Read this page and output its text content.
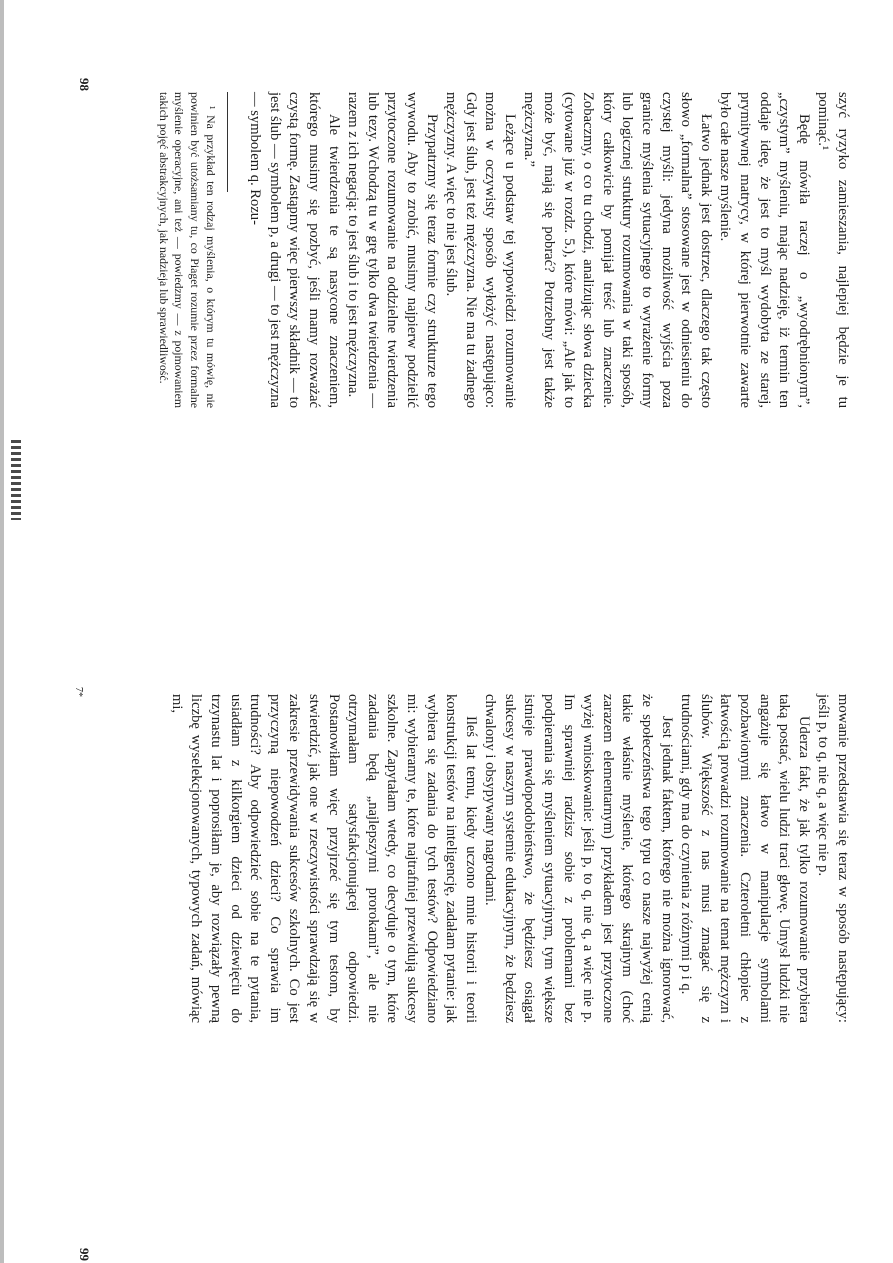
szyć ryzyko zamieszania, najlepiej będzie je tu pominąć.¹

Będę mówiła raczej o „wyodrębnionym”, „czystym” myśleniu, mając nadzieję, iż termin ten oddaje ideę, że jest to myśl wydobyta ze starej, prymitywnej matrycy, w której pierwotnie zawarte było całe nasze myślenie.

Łatwo jednak jest dostrzec, dlaczego tak często słowo „formalna” stosowane jest w odniesieniu do czystej myśli: jedyna możliwość wyjścia poza granice myślenia sytuacyjnego to wyrażenie formy lub logicznej struktury rozumowania w taki sposób, który całkowicie by pomijał treść lub znaczenie. Zobaczmy, o co tu chodzi, analizując słowa dziecka (cytowane już w rozdz. 5.), które mówi: „Ale jak to może być, mają się pobrać? Potrzebny jest także mężczyzna.”

Leżące u podstaw tej wypowiedzi rozumowanie można w oczywisty sposób wyłożyć następująco: Gdy jest ślub, jest też mężczyzna. Nie ma tu żadnego mężczyzny. A więc to nie jest ślub.

Przypatrzmy się teraz formie czy strukturze tego wywodu. Aby to zrobić, musimy najpierw podzielić przytoczone rozumowanie na oddzielne twierdzenia lub tezy. Wchodzą tu w grę tylko dwa twierdzenia — razem z ich negacją: to jest ślub i to jest mężczyzna.

Ale twierdzenia te są nasycone znaczeniem, którego musimy się pozbyć, jeśli mamy rozważać czystą formę. Zastąpmy więc pierwszy składnik — to jest ślub — symbolem p, a drugi — to jest mężczyzna — symbolem q. Rozu-

¹ Na przykład ten rodzaj myślenia, o którym tu mówię, nie powinien być utożsamiany tu, co Piaget rozumie przez formalne myślenie operacyjne, ani też — powiedzmy — z pojmowaniem takich pojęć abstrakcyjnych, jak nadzieja lub sprawiedliwość.

mowanie przedstawia się teraz w sposób następujący: jeśli p, to q, nie q, a więc nie p.

Uderza fakt, że jak tylko rozumowanie przybiera taką postać, wielu ludzi traci głowę. Umysł ludzki nie angażuje się łatwo w manipulacje symbolami pozbawionymi znaczenia. Czteroletni chłopiec z łatwością prowadzi rozumowanie na temat mężczyzn i ślubów. Większość z nas musi zmagać się z trudnościami, gdy ma do czynienia z różnymi p i q.

Jest jednak faktem, którego nie można ignorować, że społeczeństwa tego typu co nasze najwyżej cenią takie właśnie myślenie, którego skrajnym (choć zarazem elementarnym) przykładem jest przytoczone wyżej wnioskowanie: jeśli p, to q, nie q, a więc nie p. Im sprawniej radzisz sobie z problemami bez podpierania się myśleniem sytuacyjnym, tym większe istnieje prawdopodobieństwo, że będziesz osiągał sukcesy w naszym systemie edukacyjnym, że będziesz chwalony i obsypywany nagrodami.

Ileś lat temu, kiedy uczono mnie historii i teorii konstrukcji testów na inteligencję, zadałam pytanie: jak wybiera się zadania do tych testów? Odpowiedziano mi: wybieramy te, które najtrafniej przewidują sukcesy szkolne. Zapytałam wtedy, co decyduje o tym, które zadania będą „najlepszymi prorokami”, ale nie otrzymałam satysfakcjonującej odpowiedzi. Postanowiłam więc przyjrzeć się tym testom, by stwierdzić, jak one w rzeczywistości sprawdzają się w zakresie przewidywania sukcesów szkolnych. Co jest przyczyną niepowodzeń dzieci? Co sprawia im trudności? Aby odpowiedzieć sobie na te pytania, usiadłam z kilkorgiem dzieci od dziewięciu do trzynastu lat i poprosiłam je, aby rozwiązały pewną liczbę wyselekcjonowanych, typowych zadań, mówiąc mi,

98
99
7*
